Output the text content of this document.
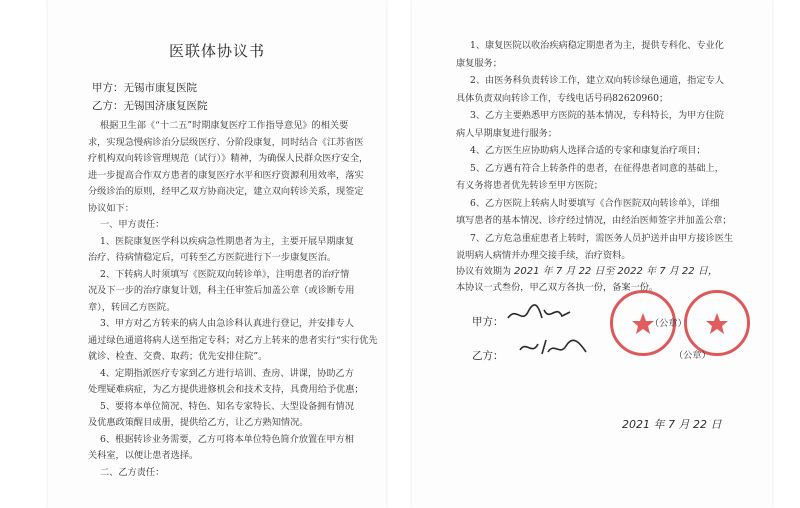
医联体协议书
甲方：无锡市康复医院
乙方：无锡国济康复医院
根据卫生部《“十二五”时期康复医疗工作指导意见》的相关要
求，实现急慢病诊治分层级医疗、分阶段康复，同时结合《江苏省医
疗机构双向转诊管理规范（试行）》精神，为确保人民群众医疗安全，
进一步提高合作双方患者的康复医疗水平和医疗资源利用效率，落实
分级诊治的原则，经甲乙双方协商决定，建立双向转诊关系，现签定
协议如下：
一、甲方责任：
1、医院康复医学科以疾病急性期患者为主，主要开展早期康复
治疗、待病情稳定后，可转至乙方医院进行下一步康复医治。
2、下转病人时须填写《医院双向转诊单》，注明患者的治疗情
况及下一步的治疗康复计划，科主任审签后加盖公章（或诊断专用
章），转回乙方医院。
3、甲方对乙方转来的病人由急诊科认真进行登记，并安排专人
通过绿色通道将病人送至指定专科；对乙方上转来的患者实行“实行优先
就诊、检查、交费、取药；优先安排住院”。
4、定期指派医疗专家到乙方进行培训、查房、讲课，协助乙方
处理疑难病症，为乙方提供进修机会和技术支持，具费用给予优惠；
5、要将本单位简况、特色、知名专家特长、大型设备拥有情况
及优惠政策醒目成册，提供给乙方，让乙方熟知情况。
6、根据转诊业务需要，乙方可将本单位特色简介放置在甲方相
关科室，以便让患者选择。
二、乙方责任：
1、康复医院以收治疾病稳定期患者为主，提供专科化、专业化
康复服务；
2、由医务科负责转诊工作，建立双向转诊绿色通道，指定专人
具体负责双向转诊工作，专线电话号码82620960；
3、乙方主要熟悉甲方医院的基本情况，专科特长，为甲方住院
病人早期康复进行服务；
4、乙方医生应协助病人选择合适的专家和康复治疗项目；
5、乙方遇有符合上转条件的患者，在征得患者同意的基础上，
有义务将患者优先转诊至甲方医院；
6、乙方医院上转病人时要填写《合作医院双向转诊单》，详细
填写患者的基本情况、诊疗经过情况，由经治医师签字并加盖公章；
7、乙方危急重症患者上转时，需医务人员护送并由甲方接诊医生
说明病人病情并办理交接手续，治疗资料。
协议有效期为 2021 年 7 月 22 日至 2022 年 7 月 22 日，
本协议一式叁份，甲乙双方各执一份，备案一份。
甲方：
乙方：
（公章）
（公章）
2021 年 7 月 22 日
